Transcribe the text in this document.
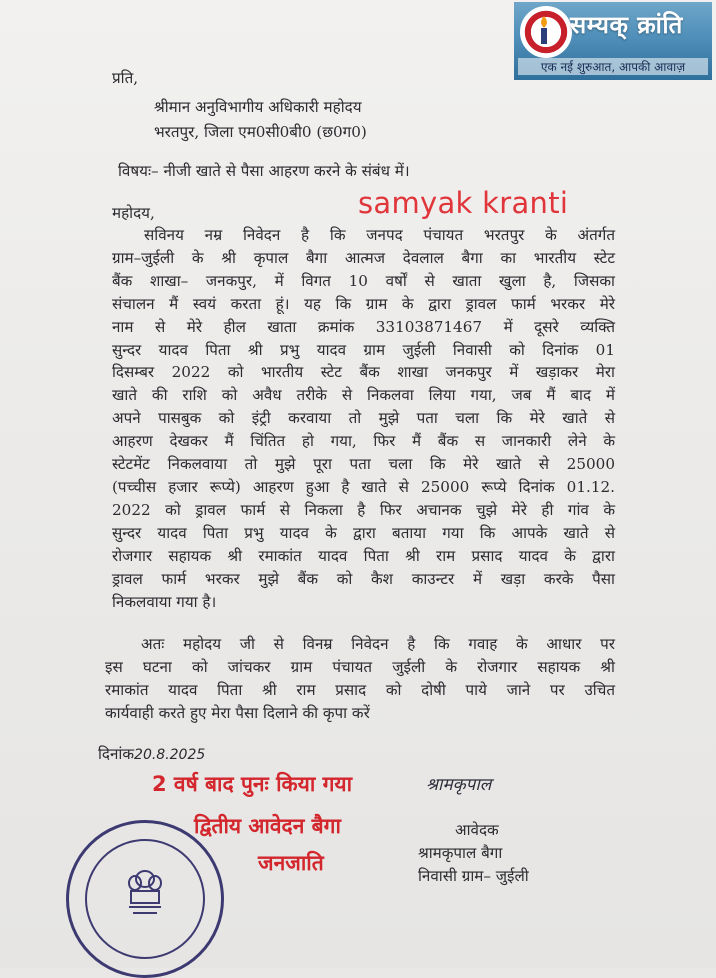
सम्यक् क्रांति
एक नई शुरुआत, आपकी आवाज़
प्रति,
श्रीमान अनुविभागीय अधिकारी महोदय
भरतपुर, जिला एम0सी0बी0 (छ0ग0)
विषयः– नीजी खाते से पैसा आहरण करने के संबंध में।
महोदय,	samyak kranti
सविनय नम्र निवेदन है कि जनपद पंचायत भरतपुर के अंतर्गत
ग्राम–जुईली के श्री कृपाल बैगा आत्मज देवलाल बैगा का भारतीय स्टेट
बैंक शाखा– जनकपुर, में विगत 10 वर्षों से खाता खुला है, जिसका
संचालन मैं स्वयं करता हूं। यह कि ग्राम के द्वारा ड्रावल फार्म भरकर मेरे
नाम से मेरे हील खाता क्रमांक 33103871467 में दूसरे व्यक्ति
सुन्दर यादव पिता श्री प्रभु यादव ग्राम जुईली निवासी को दिनांक 01
दिसम्बर 2022 को भारतीय स्टेट बैंक शाखा जनकपुर में खड़ाकर मेरा
खाते की राशि को अवैध तरीके से निकलवा लिया गया, जब मैं बाद में
अपने पासबुक को इंट्री करवाया तो मुझे पता चला कि मेरे खाते से
आहरण देखकर मैं चिंतित हो गया, फिर मैं बैंक स जानकारी लेने के
स्टेटमेंट निकलवाया तो मुझे पूरा पता चला कि मेरे खाते से 25000
(पच्चीस हजार रूप्ये) आहरण हुआ है खाते से 25000 रूप्ये दिनांक 01.12.
2022 को ड्रावल फार्म से निकला है फिर अचानक चुझे मेरे ही गांव के
सुन्दर यादव पिता प्रभु यादव के द्वारा बताया गया कि आपके खाते से
रोजगार सहायक श्री रमाकांत यादव पिता श्री राम प्रसाद यादव के द्वारा
ड्रावल फार्म भरकर मुझे बैंक को कैश काउन्टर में खड़ा करके पैसा
निकलवाया गया है।
अतः महोदय जी से विनम्र निवेदन है कि गवाह के आधार पर
इस घटना को जांचकर ग्राम पंचायत जुईली के रोजगार सहायक श्री
रमाकांत यादव पिता श्री राम प्रसाद को दोषी पाये जाने पर उचित
कार्यवाही करते हुए मेरा पैसा दिलाने की कृपा करें
दिनांक20.8.2025
2 वर्ष बाद पुनः किया गया
द्वितीय आवेदन बैगा
जनजाति
श्रामकृपाल
आवेदक
श्रामकृपाल बैगा
निवासी ग्राम– जुईली
